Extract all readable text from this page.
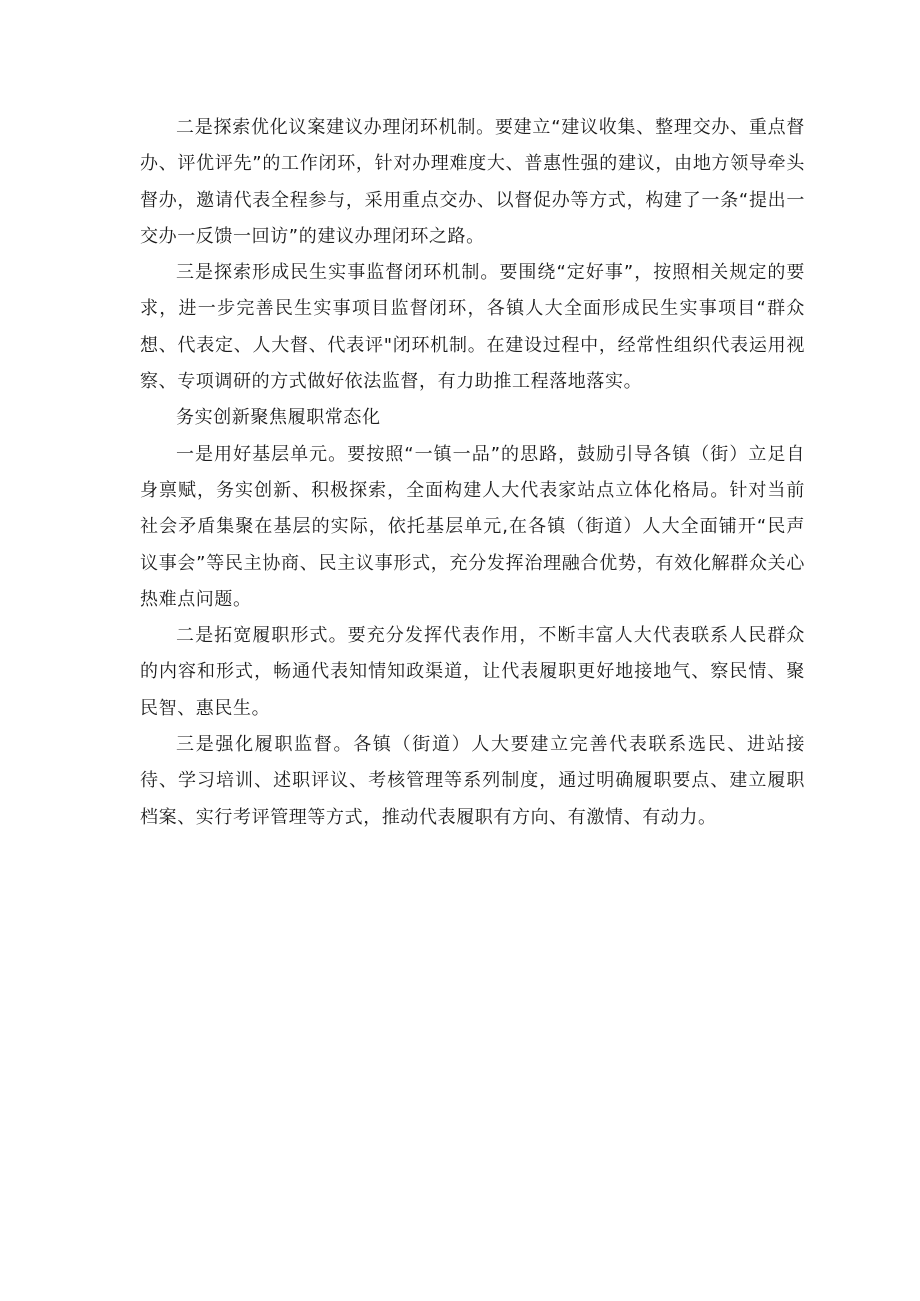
二是探索优化议案建议办理闭环机制。要建立“建议收集、整理交办、重点督办、评优评先”的工作闭环，针对办理难度大、普惠性强的建议，由地方领导牵头督办，邀请代表全程参与，采用重点交办、以督促办等方式，构建了一条“提出一交办一反馈一回访”的建议办理闭环之路。

三是探索形成民生实事监督闭环机制。要围绕“定好事”，按照相关规定的要求，进一步完善民生实事项目监督闭环，各镇人大全面形成民生实事项目“群众想、代表定、人大督、代表评"闭环机制。在建设过程中，经常性组织代表运用视察、专项调研的方式做好依法监督，有力助推工程落地落实。

务实创新聚焦履职常态化

一是用好基层单元。要按照“一镇一品”的思路，鼓励引导各镇（街）立足自身禀赋，务实创新、积极探索，全面构建人大代表家站点立体化格局。针对当前社会矛盾集聚在基层的实际，依托基层单元,在各镇（街道）人大全面铺开“民声议事会”等民主协商、民主议事形式，充分发挥治理融合优势，有效化解群众关心热难点问题。

二是拓宽履职形式。要充分发挥代表作用，不断丰富人大代表联系人民群众的内容和形式，畅通代表知情知政渠道，让代表履职更好地接地气、察民情、聚民智、惠民生。

三是强化履职监督。各镇（街道）人大要建立完善代表联系选民、进站接待、学习培训、述职评议、考核管理等系列制度，通过明确履职要点、建立履职档案、实行考评管理等方式，推动代表履职有方向、有激情、有动力。
